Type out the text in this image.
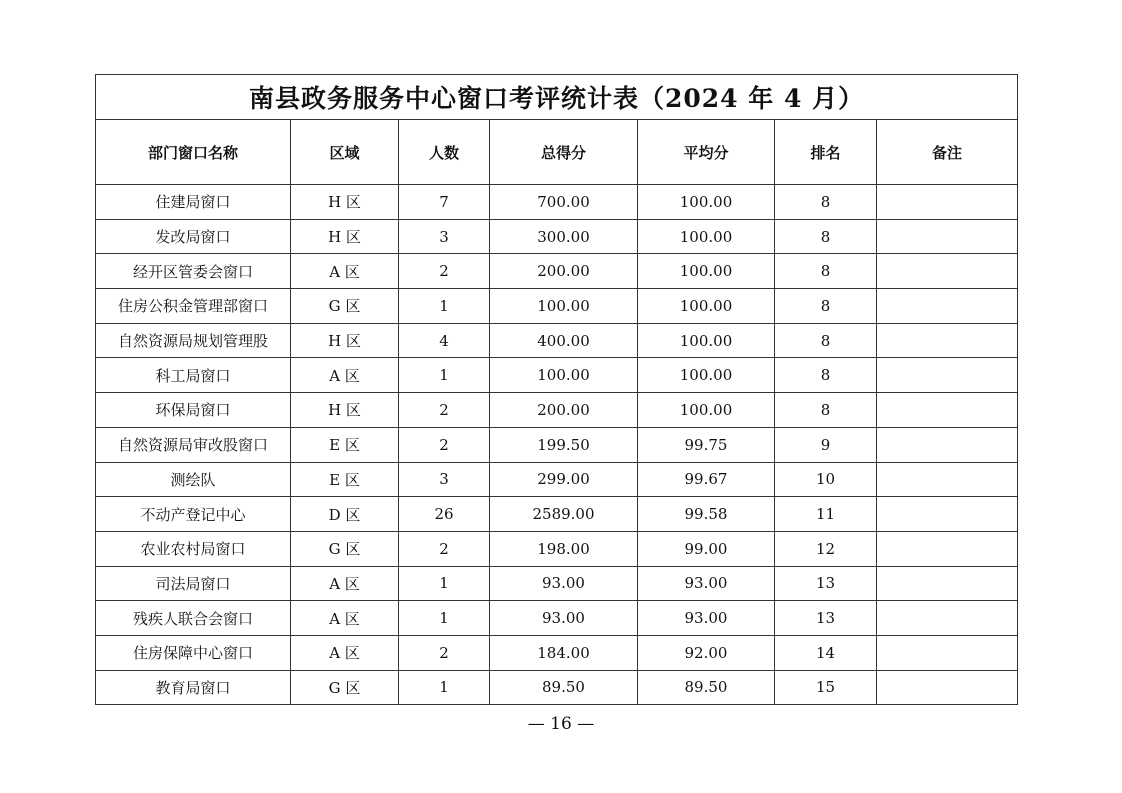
南县政务服务中心窗口考评统计表（2024 年 4 月）						
部门窗口名称	区域	人数	总得分	平均分	排名	备注
住建局窗口	H 区	7	700.00	100.00	8	
发改局窗口	H 区	3	300.00	100.00	8	
经开区管委会窗口	A 区	2	200.00	100.00	8	
住房公积金管理部窗口	G 区	1	100.00	100.00	8	
自然资源局规划管理股	H 区	4	400.00	100.00	8	
科工局窗口	A 区	1	100.00	100.00	8	
环保局窗口	H 区	2	200.00	100.00	8	
自然资源局审改股窗口	E 区	2	199.50	99.75	9	
测绘队	E 区	3	299.00	99.67	10	
不动产登记中心	D 区	26	2589.00	99.58	11	
农业农村局窗口	G 区	2	198.00	99.00	12	
司法局窗口	A 区	1	93.00	93.00	13	
残疾人联合会窗口	A 区	1	93.00	93.00	13	
住房保障中心窗口	A 区	2	184.00	92.00	14	
教育局窗口	G 区	1	89.50	89.50	15	
— 16 —
